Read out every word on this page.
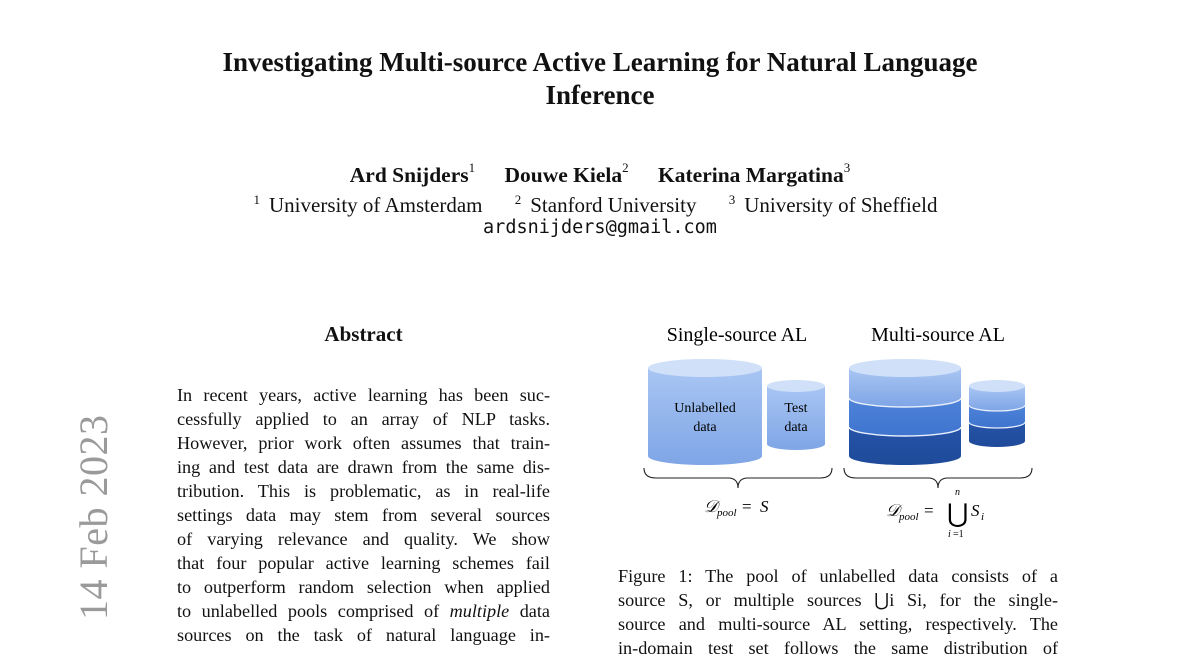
Investigating Multi-source Active Learning for Natural Language
Inference
Ard Snijders$^1$ Douwe Kiela$^2$ Katerina Margatina$^3$
$^1$ University of Amsterdam $^2$ Stanford University $^3$ University of Sheffield
ardsnijders@gmail.com
14 Feb 2023
Abstract
In recent years, active learning has been suc-
cessfully applied to an array of NLP tasks.
However, prior work often assumes that train-
ing and test data are drawn from the same dis-
tribution. This is problematic, as in real-life
settings data may stem from several sources
of varying relevance and quality. We show
that four popular active learning schemes fail
to outperform random selection when applied
to unlabelled pools comprised of multiple data
sources on the task of natural language in-
Single-source AL	Multi-source AL
Unlabelled
data
Test
data
𝒟 pool = S	𝒟 pool =
n
⋃
i =1
S i
Figure 1: The pool of unlabelled data consists of a
source S, or multiple sources ⋃i Si, for the single-
source and multi-source AL setting, respectively. The
in-domain test set follows the same distribution of
